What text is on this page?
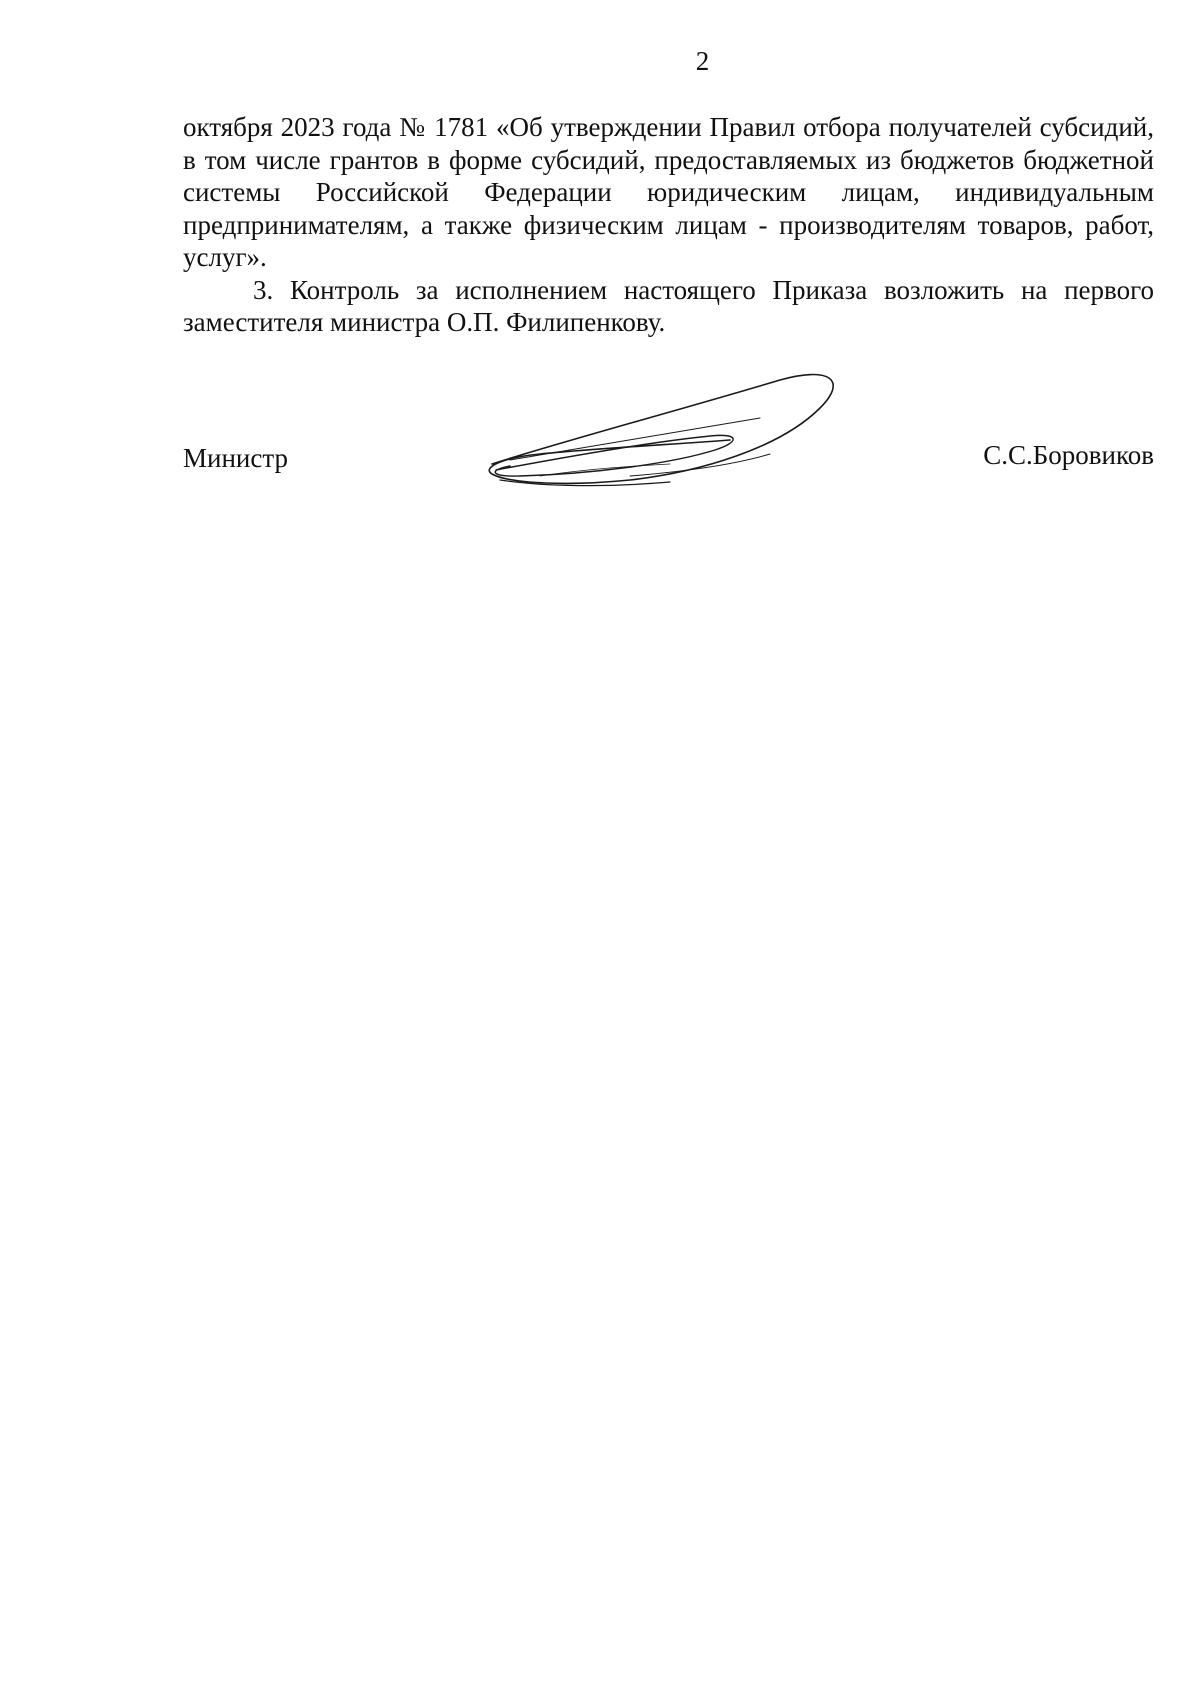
2

октября 2023 года № 1781 «Об утверждении Правил отбора получателей субсидий, в том числе грантов в форме субсидий, предоставляемых из бюджетов бюджетной системы Российской Федерации юридическим лицам, индивидуальным предпринимателям, а также физическим лицам - производителям товаров, работ, услуг».

3. Контроль за исполнением настоящего Приказа возложить на первого заместителя министра О.П. Филипенкову.

Министр	С.С.Боровиков
